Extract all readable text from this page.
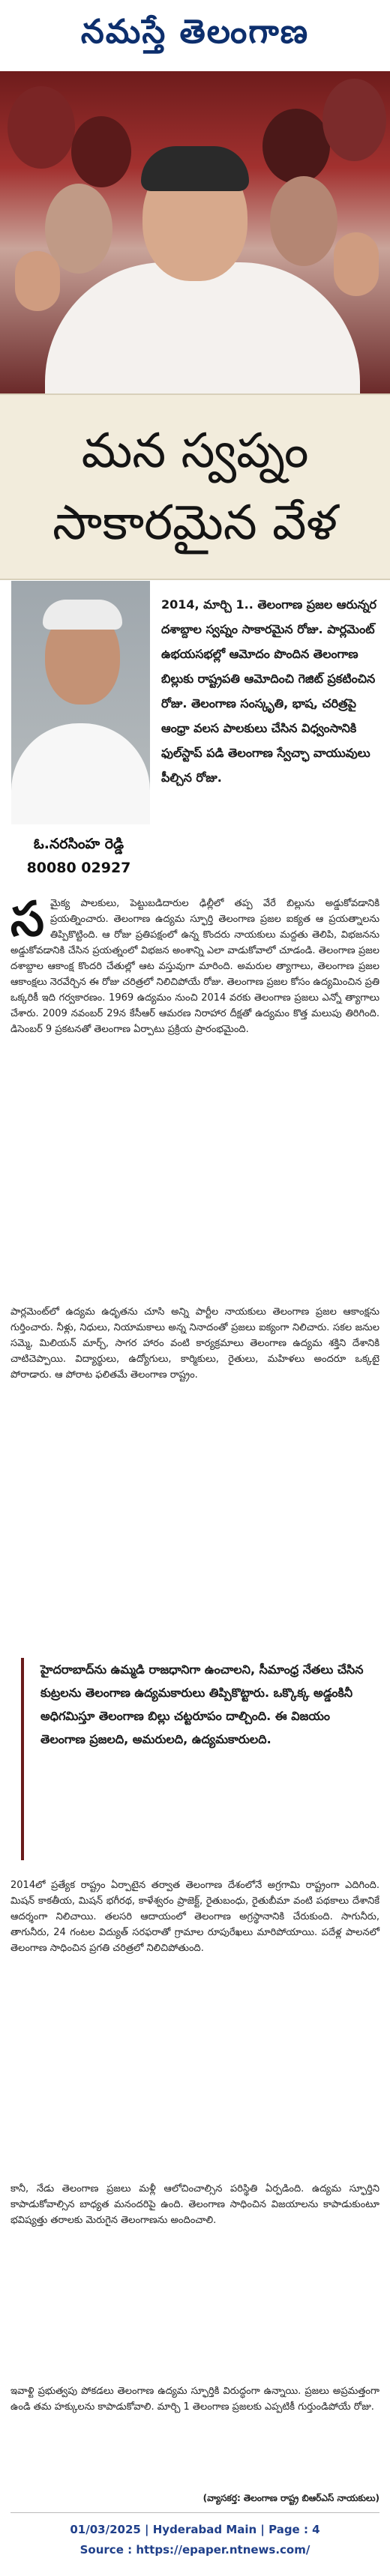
నమస్తే తెలంగాణ
మన స్వప్నం
సాకారమైన వేళ
ఓ.నరసింహ రెడ్డి
80080 02927
2014, మార్చి 1.. తెలంగాణ ప్రజల ఆరున్నర దశాబ్దాల స్వప్నం సాకారమైన రోజు. పార్లమెంట్ ఉభయసభల్లో ఆమోదం పొందిన తెలంగాణ బిల్లుకు రాష్ట్రపతి ఆమోదించి గెజిట్ ప్రకటించిన రోజు. తెలంగాణ సంస్కృతి, భాష, చరిత్రపై ఆంధ్రా వలస పాలకులు చేసిన విధ్వంసానికి ఫుల్‌స్టాప్ పడి తెలంగాణ స్వేచ్ఛా వాయువులు పీల్చిన రోజు.
స మైక్య పాలకులు, పెట్టుబడిదారుల ఢిల్లీలో తప్ప వేరే బిల్లును అడ్డుకోవడానికి ప్రయత్నించారు. తెలంగాణ ఉద్యమ స్ఫూర్తి తెలంగాణ ప్రజల ఐక్యత ఆ ప్రయత్నాలను తిప్పికొట్టింది. ఆ రోజు ప్రతిపక్షంలో ఉన్న కొందరు నాయకులు మద్దతు తెలిపి, విభజనను అడ్డుకోవడానికి చేసిన ప్రయత్నంలో విభజన అంశాన్ని ఎలా వాడుకోవాలో చూడండి. తెలంగాణ ప్రజల దశాబ్దాల ఆకాంక్ష కొందరి చేతుల్లో ఆట వస్తువుగా మారింది. అమరుల త్యాగాలు, తెలంగాణ ప్రజల ఆకాంక్షలు నెరవేర్చిన ఈ రోజు చరిత్రలో నిలిచిపోయే రోజు. తెలంగాణ ప్రజల కోసం ఉద్యమించిన ప్రతి ఒక్కరికీ ఇది గర్వకారణం. 1969 ఉద్యమం నుంచి 2014 వరకు తెలంగాణ ప్రజలు ఎన్నో త్యాగాలు చేశారు. 2009 నవంబర్ 29న కేసీఆర్ ఆమరణ నిరాహార దీక్షతో ఉద్యమం కొత్త మలుపు తిరిగింది. డిసెంబర్ 9 ప్రకటనతో తెలంగాణ ఏర్పాటు ప్రక్రియ ప్రారంభమైంది.
పార్లమెంట్‌లో ఉద్యమ ఉధృతను చూసి అన్ని పార్టీల నాయకులు తెలంగాణ ప్రజల ఆకాంక్షను గుర్తించారు. నీళ్లు, నిధులు, నియామకాలు అన్న నినాదంతో ప్రజలు ఐక్యంగా నిలిచారు. సకల జనుల సమ్మె, మిలియన్ మార్చ్, సాగర హారం వంటి కార్యక్రమాలు తెలంగాణ ఉద్యమ శక్తిని దేశానికి చాటిచెప్పాయి. విద్యార్థులు, ఉద్యోగులు, కార్మికులు, రైతులు, మహిళలు అందరూ ఒక్కటై పోరాడారు. ఆ పోరాట ఫలితమే తెలంగాణ రాష్ట్రం.
హైదరాబాద్‌ను ఉమ్మడి రాజధానిగా ఉంచాలని, సీమాంధ్ర నేతలు చేసిన కుట్రలను తెలంగాణ ఉద్యమకారులు తిప్పికొట్టారు. ఒక్కొక్క అడ్డంకినీ అధిగమిస్తూ తెలంగాణ బిల్లు చట్టరూపం దాల్చింది. ఈ విజయం తెలంగాణ ప్రజలది, అమరులది, ఉద్యమకారులది.
2014లో ప్రత్యేక రాష్ట్రం ఏర్పాటైన తర్వాత తెలంగాణ దేశంలోనే అగ్రగామి రాష్ట్రంగా ఎదిగింది. మిషన్ కాకతీయ, మిషన్ భగీరథ, కాళేశ్వరం ప్రాజెక్ట్, రైతుబంధు, రైతుబీమా వంటి పథకాలు దేశానికే ఆదర్శంగా నిలిచాయి. తలసరి ఆదాయంలో తెలంగాణ అగ్రస్థానానికి చేరుకుంది. సాగునీరు, తాగునీరు, 24 గంటల విద్యుత్ సరఫరాతో గ్రామాల రూపురేఖలు మారిపోయాయి. పదేళ్ల పాలనలో తెలంగాణ సాధించిన ప్రగతి చరిత్రలో నిలిచిపోతుంది.
కానీ, నేడు తెలంగాణ ప్రజలు మళ్లీ ఆలోచించాల్సిన పరిస్థితి ఏర్పడింది. ఉద్యమ స్ఫూర్తిని కాపాడుకోవాల్సిన బాధ్యత మనందరిపై ఉంది. తెలంగాణ సాధించిన విజయాలను కాపాడుకుంటూ భవిష్యత్తు తరాలకు మెరుగైన తెలంగాణను అందించాలి.
ఇవాళ్టి ప్రభుత్వపు పోకడలు తెలంగాణ ఉద్యమ స్ఫూర్తికి విరుద్ధంగా ఉన్నాయి. ప్రజలు అప్రమత్తంగా ఉండి తమ హక్కులను కాపాడుకోవాలి. మార్చి 1 తెలంగాణ ప్రజలకు ఎప్పటికీ గుర్తుండిపోయే రోజు.
(వ్యాసకర్త: తెలంగాణ రాష్ట్ర బిఆర్ఎస్ నాయకులు)
01/03/2025 | Hyderabad Main | Page : 4
Source : https://epaper.ntnews.com/
